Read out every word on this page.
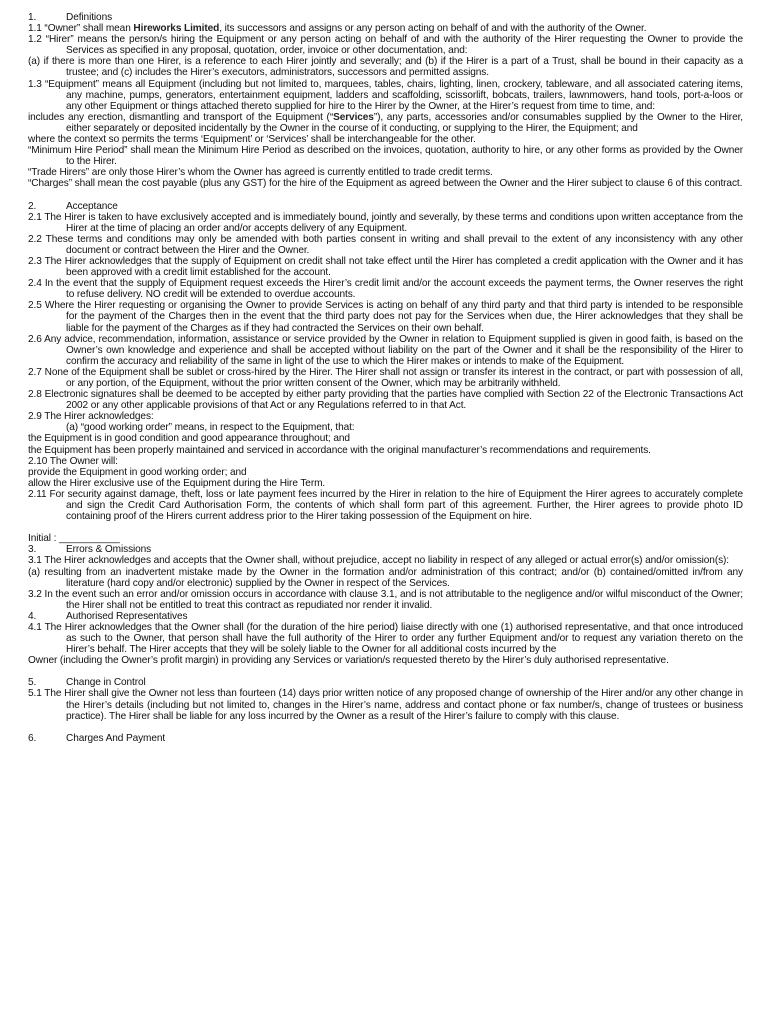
1.	Definitions

1.1 “Owner” shall mean Hireworks Limited, its successors and assigns or any person acting on behalf of and with the authority of the Owner.

1.2 “Hirer” means the person/s hiring the Equipment or any person acting on behalf of and with the authority of the Hirer requesting the Owner to provide the Services as specified in any proposal, quotation, order, invoice or other documentation, and:

(a) if there is more than one Hirer, is a reference to each Hirer jointly and severally; and (b) if the Hirer is a part of a Trust, shall be bound in their capacity as a trustee; and (c) includes the Hirer’s executors, administrators, successors and permitted assigns.

1.3 “Equipment” means all Equipment (including but not limited to, marquees, tables, chairs, lighting, linen, crockery, tableware, and all associated catering items, any machine, pumps, generators, entertainment equipment, ladders and scaffolding, scissorlift, bobcats, trailers, lawnmowers, hand tools, port-a-loos or any other Equipment or things attached thereto supplied for hire to the Hirer by the Owner, at the Hirer’s request from time to time, and:

includes any erection, dismantling and transport of the Equipment (“Services”), any parts, accessories and/or consumables supplied by the Owner to the Hirer, either separately or deposited incidentally by the Owner in the course of it conducting, or supplying to the Hirer, the Equipment; and

where the context so permits the terms ‘Equipment’ or ‘Services’ shall be interchangeable for the other.

“Minimum Hire Period” shall mean the Minimum Hire Period as described on the invoices, quotation, authority to hire, or any other forms as provided by the Owner to the Hirer.

“Trade Hirers” are only those Hirer’s whom the Owner has agreed is currently entitled to trade credit terms.

“Charges” shall mean the cost payable (plus any GST) for the hire of the Equipment as agreed between the Owner and the Hirer subject to clause 6 of this contract.

2.	Acceptance

2.1 The Hirer is taken to have exclusively accepted and is immediately bound, jointly and severally, by these terms and conditions upon written acceptance from the Hirer at the time of placing an order and/or accepts delivery of any Equipment.

2.2 These terms and conditions may only be amended with both parties consent in writing and shall prevail to the extent of any inconsistency with any other document or contract between the Hirer and the Owner.

2.3 The Hirer acknowledges that the supply of Equipment on credit shall not take effect until the Hirer has completed a credit application with the Owner and it has been approved with a credit limit established for the account.

2.4 In the event that the supply of Equipment request exceeds the Hirer’s credit limit and/or the account exceeds the payment terms, the Owner reserves the right to refuse delivery. NO credit will be extended to overdue accounts.

2.5 Where the Hirer requesting or organising the Owner to provide Services is acting on behalf of any third party and that third party is intended to be responsible for the payment of the Charges then in the event that the third party does not pay for the Services when due, the Hirer acknowledges that they shall be liable for the payment of the Charges as if they had contracted the Services on their own behalf.

2.6 Any advice, recommendation, information, assistance or service provided by the Owner in relation to Equipment supplied is given in good faith, is based on the Owner’s own knowledge and experience and shall be accepted without liability on the part of the Owner and it shall be the responsibility of the Hirer to confirm the accuracy and reliability of the same in light of the use to which the Hirer makes or intends to make of the Equipment.

2.7 None of the Equipment shall be sublet or cross-hired by the Hirer. The Hirer shall not assign or transfer its interest in the contract, or part with possession of all, or any portion, of the Equipment, without the prior written consent of the Owner, which may be arbitrarily withheld.

2.8 Electronic signatures shall be deemed to be accepted by either party providing that the parties have complied with Section 22 of the Electronic Transactions Act 2002 or any other applicable provisions of that Act or any Regulations referred to in that Act.

2.9 The Hirer acknowledges:

(a) “good working order” means, in respect to the Equipment, that:

the Equipment is in good condition and good appearance throughout; and

the Equipment has been properly maintained and serviced in accordance with the original manufacturer’s recommendations and requirements.

2.10 The Owner will:

provide the Equipment in good working order; and

allow the Hirer exclusive use of the Equipment during the Hire Term.

2.11 For security against damage, theft, loss or late payment fees incurred by the Hirer in relation to the hire of Equipment the Hirer agrees to accurately complete and sign the Credit Card Authorisation Form, the contents of which shall form part of this agreement. Further, the Hirer agrees to provide photo ID containing proof of the Hirers current address prior to the Hirer taking possession of the Equipment on hire.

Initial : ___________

3.	Errors & Omissions

3.1 The Hirer acknowledges and accepts that the Owner shall, without prejudice, accept no liability in respect of any alleged or actual error(s) and/or omission(s):

(a) resulting from an inadvertent mistake made by the Owner in the formation and/or administration of this contract; and/or (b) contained/omitted in/from any literature (hard copy and/or electronic) supplied by the Owner in respect of the Services.

3.2 In the event such an error and/or omission occurs in accordance with clause 3.1, and is not attributable to the negligence and/or wilful misconduct of the Owner; the Hirer shall not be entitled to treat this contract as repudiated nor render it invalid.

4.	Authorised Representatives

4.1 The Hirer acknowledges that the Owner shall (for the duration of the hire period) liaise directly with one (1) authorised representative, and that once introduced as such to the Owner, that person shall have the full authority of the Hirer to order any further Equipment and/or to request any variation thereto on the Hirer’s behalf. The Hirer accepts that they will be solely liable to the Owner for all additional costs incurred by the

Owner (including the Owner’s profit margin) in providing any Services or variation/s requested thereto by the Hirer’s duly authorised representative.

5.	Change in Control

5.1 The Hirer shall give the Owner not less than fourteen (14) days prior written notice of any proposed change of ownership of the Hirer and/or any other change in the Hirer’s details (including but not limited to, changes in the Hirer’s name, address and contact phone or fax number/s, change of trustees or business practice). The Hirer shall be liable for any loss incurred by the Owner as a result of the Hirer’s failure to comply with this clause.

6.	Charges And Payment
